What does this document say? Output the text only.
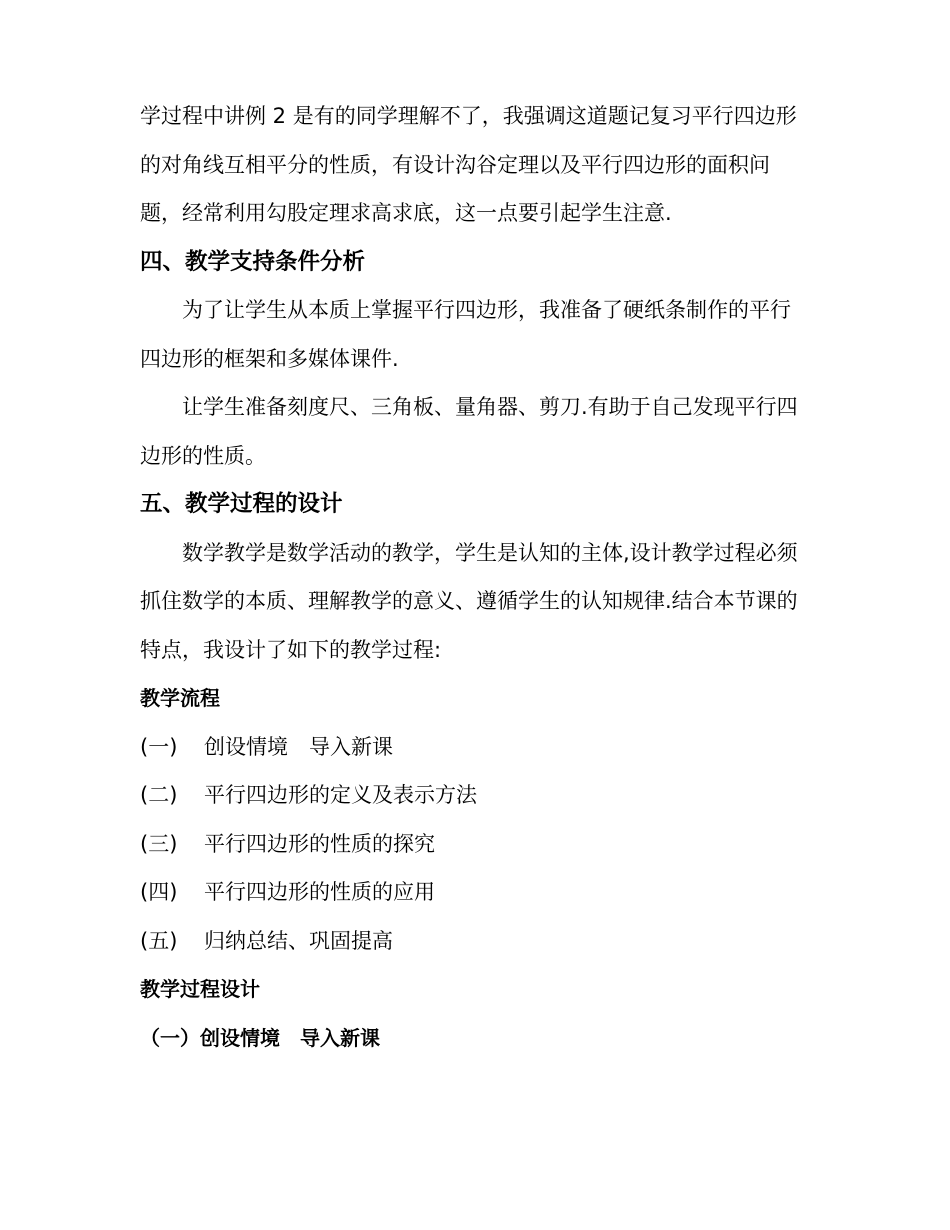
学过程中讲例 2 是有的同学理解不了，我强调这道题记复习平行四边形

的对角线互相平分的性质，有设计沟谷定理以及平行四边形的面积问

题，经常利用勾股定理求高求底，这一点要引起学生注意.

四、教学支持条件分析

为了让学生从本质上掌握平行四边形，我准备了硬纸条制作的平行

四边形的框架和多媒体课件.

让学生准备刻度尺、三角板、量角器、剪刀.有助于自己发现平行四

边形的性质。

五、教学过程的设计

数学教学是数学活动的教学，学生是认知的主体,设计教学过程必须

抓住数学的本质、理解教学的意义、遵循学生的认知规律.结合本节课的

特点，我设计了如下的教学过程:

教学流程
(一)	创设情境　导入新课
(二)	平行四边形的定义及表示方法
(三)	平行四边形的性质的探究
(四)	平行四边形的性质的应用
(五)	归纳总结、巩固提高
教学过程设计
（一）创设情境　导入新课
